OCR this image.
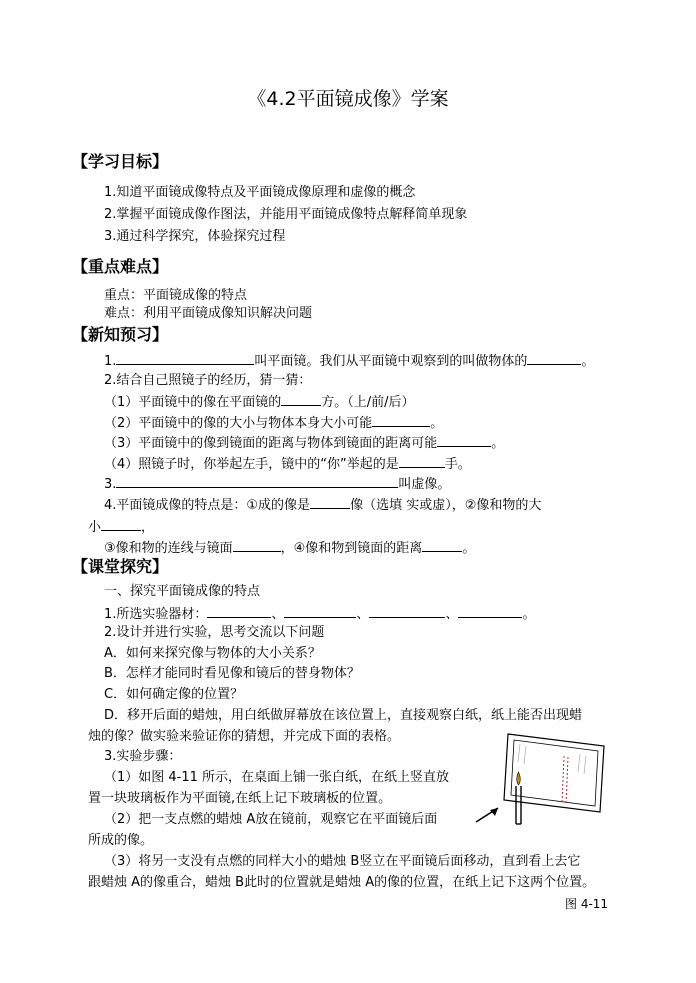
《4.2平面镜成像》学案
【学习目标】
1.知道平面镜成像特点及平面镜成像原理和虚像的概念
2.掌握平面镜成像作图法，并能用平面镜成像特点解释简单现象
3.通过科学探究，体验探究过程
【重点难点】
重点：平面镜成像的特点
难点：利用平面镜成像知识解决问题
【新知预习】
1.	叫平面镜。我们从平面镜中观察到的叫做物体的	。
2.结合自己照镜子的经历，猜一猜：
（1）平面镜中的像在平面镜的	方。（上/前/后）
（2）平面镜中的像的大小与物体本身大小可能	。
（3）平面镜中的像到镜面的距离与物体到镜面的距离可能	。
（4）照镜子时，你举起左手，镜中的“你”举起的是	手。
3.	叫虚像。
4.平面镜成像的特点是：①成的像是	像（选填 实或虚），②像和物的大
小	，
③像和物的连线与镜面	，④像和物到镜面的距离	。
【课堂探究】
一、探究平面镜成像的特点
1.所选实验器材：	、	、	、	。
2.设计并进行实验，思考交流以下问题
A．如何来探究像与物体的大小关系？
B．怎样才能同时看见像和镜后的替身物体？
C．如何确定像的位置？
D．移开后面的蜡烛，用白纸做屏幕放在该位置上，直接观察白纸，纸上能否出现蜡
烛的像？做实验来验证你的猜想，并完成下面的表格。
3.实验步骤：
（1）如图 4-11 所示，在桌面上铺一张白纸，在纸上竖直放
置一块玻璃板作为平面镜,在纸上记下玻璃板的位置。
（2）把一支点燃的蜡烛 A放在镜前，观察它在平面镜后面
所成的像。
（3）将另一支没有点燃的同样大小的蜡烛 B竖立在平面镜后面移动，直到看上去它
跟蜡烛 A的像重合，蜡烛 B此时的位置就是蜡烛 A的像的位置，在纸上记下这两个位置。
图 4-11
